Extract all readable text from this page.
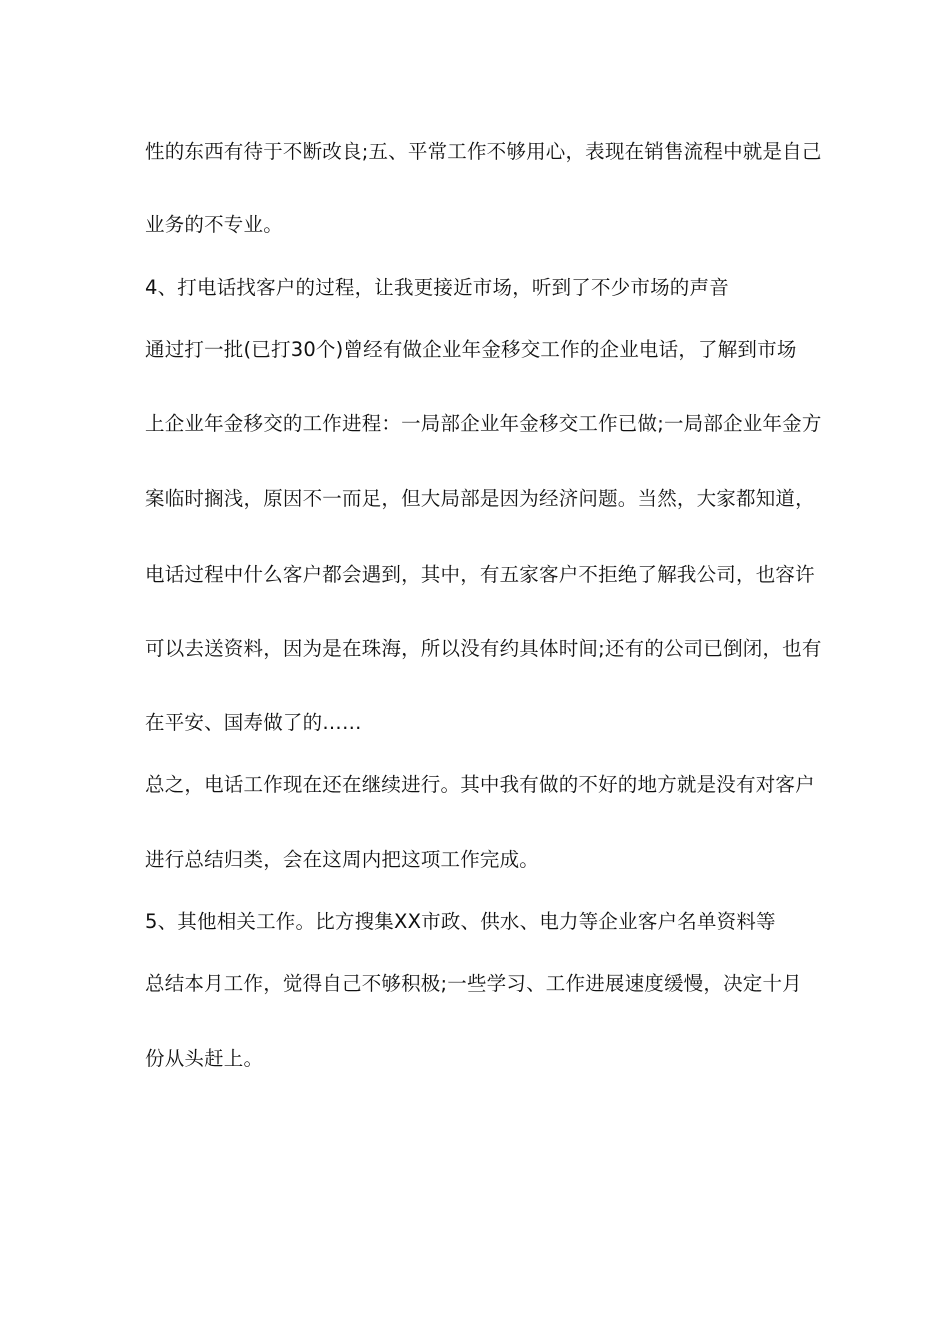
性的东西有待于不断改良;五、平常工作不够用心，表现在销售流程中就是自己
业务的不专业。
4、打电话找客户的过程，让我更接近市场，听到了不少市场的声音
通过打一批(已打30个)曾经有做企业年金移交工作的企业电话，了解到市场
上企业年金移交的工作进程：一局部企业年金移交工作已做;一局部企业年金方
案临时搁浅，原因不一而足，但大局部是因为经济问题。当然，大家都知道，
电话过程中什么客户都会遇到，其中，有五家客户不拒绝了解我公司，也容许
可以去送资料，因为是在珠海，所以没有约具体时间;还有的公司已倒闭，也有
在平安、国寿做了的……
总之，电话工作现在还在继续进行。其中我有做的不好的地方就是没有对客户
进行总结归类，会在这周内把这项工作完成。
5、其他相关工作。比方搜集XX市政、供水、电力等企业客户名单资料等
总结本月工作，觉得自己不够积极;一些学习、工作进展速度缓慢，决定十月
份从头赶上。
